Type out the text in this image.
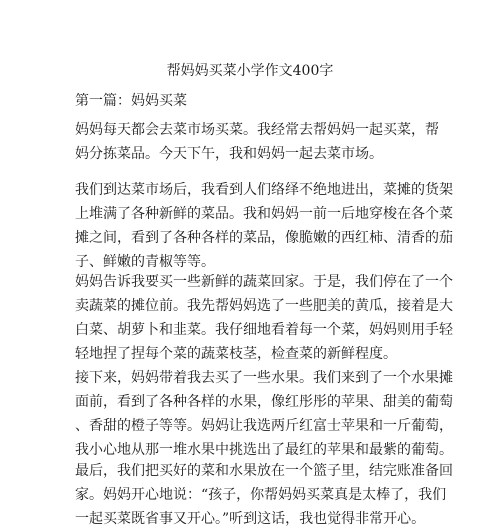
帮妈妈买菜小学作文400字
第一篇：妈妈买菜
妈妈每天都会去菜市场买菜。我经常去帮妈妈一起买菜，帮
妈分拣菜品。今天下午，我和妈妈一起去菜市场。
我们到达菜市场后，我看到人们络绎不绝地进出，菜摊的货架
上堆满了各种新鲜的菜品。我和妈妈一前一后地穿梭在各个菜
摊之间，看到了各种各样的菜品，像脆嫩的西红柿、清香的茄
子、鲜嫩的青椒等等。
妈妈告诉我要买一些新鲜的蔬菜回家。于是，我们停在了一个
卖蔬菜的摊位前。我先帮妈妈选了一些肥美的黄瓜，接着是大
白菜、胡萝卜和韭菜。我仔细地看着每一个菜，妈妈则用手轻
轻地捏了捏每个菜的蔬菜枝茎，检查菜的新鲜程度。
接下来，妈妈带着我去买了一些水果。我们来到了一个水果摊
面前，看到了各种各样的水果，像红彤彤的苹果、甜美的葡萄
、香甜的橙子等等。妈妈让我选两斤红富士苹果和一斤葡萄，
我小心地从那一堆水果中挑选出了最红的苹果和最紫的葡萄。
最后，我们把买好的菜和水果放在一个篮子里，结完账准备回
家。妈妈开心地说：“孩子，你帮妈妈买菜真是太棒了，我们
一起买菜既省事又开心。”听到这话，我也觉得非常开心。
